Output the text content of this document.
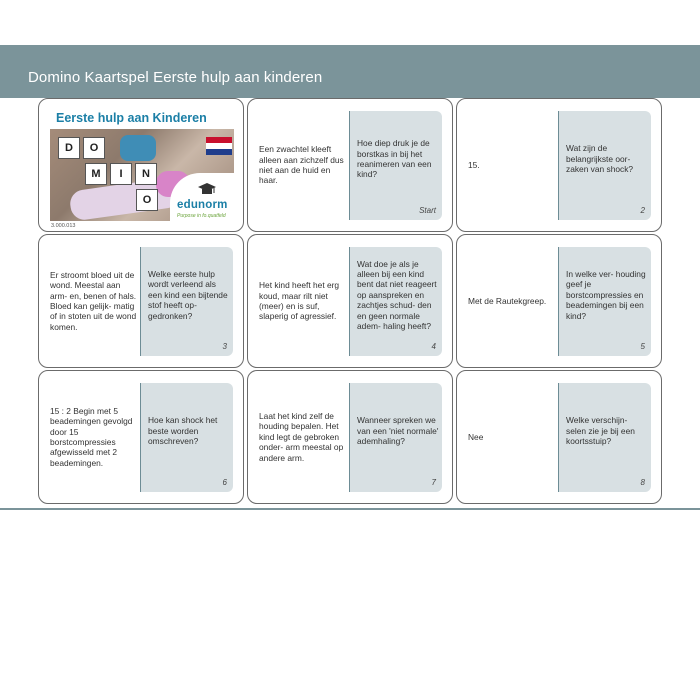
Domino Kaartspel Eerste hulp aan kinderen
Eerste hulp aan Kinderen
D	O
M	I	N
O	edunorm
Purpose in fo.quatfeld
3.000.013
Een zwachtel kleeft alleen aan zichzelf dus niet aan de huid en haar.
Hoe diep druk je de borstkas in bij het reanimeren van een kind?
Start
15.
Wat zijn de belangrijkste oor- zaken van shock?
2
Er stroomt bloed uit de wond. Meestal aan arm- en, benen of hals. Bloed kan gelijk- matig of in stoten uit de wond komen.
Welke eerste hulp wordt verleend als een kind een bijtende stof heeft op- gedronken?
3
Het kind heeft het erg koud, maar rilt niet (meer) en is suf, slaperig of agressief.
Wat doe je als je alleen bij een kind bent dat niet reageert op aanspreken en zachtjes schud- den en geen normale adem- haling heeft?
4
Met de Rautekgreep.
In welke ver- houding geef je borstcompressies en beademingen bij een kind?
5
15 : 2 Begin met 5 beademingen gevolgd door 15 borstcompressies afgewisseld met 2 beademingen.
Hoe kan shock het beste worden omschreven?
6
Laat het kind zelf de houding bepalen. Het kind legt de gebroken onder- arm meestal op andere arm.
Wanneer spreken we van een 'niet normale' ademhaling?
7
Nee
Welke verschijn- selen zie je bij een koortsstuip?
8
